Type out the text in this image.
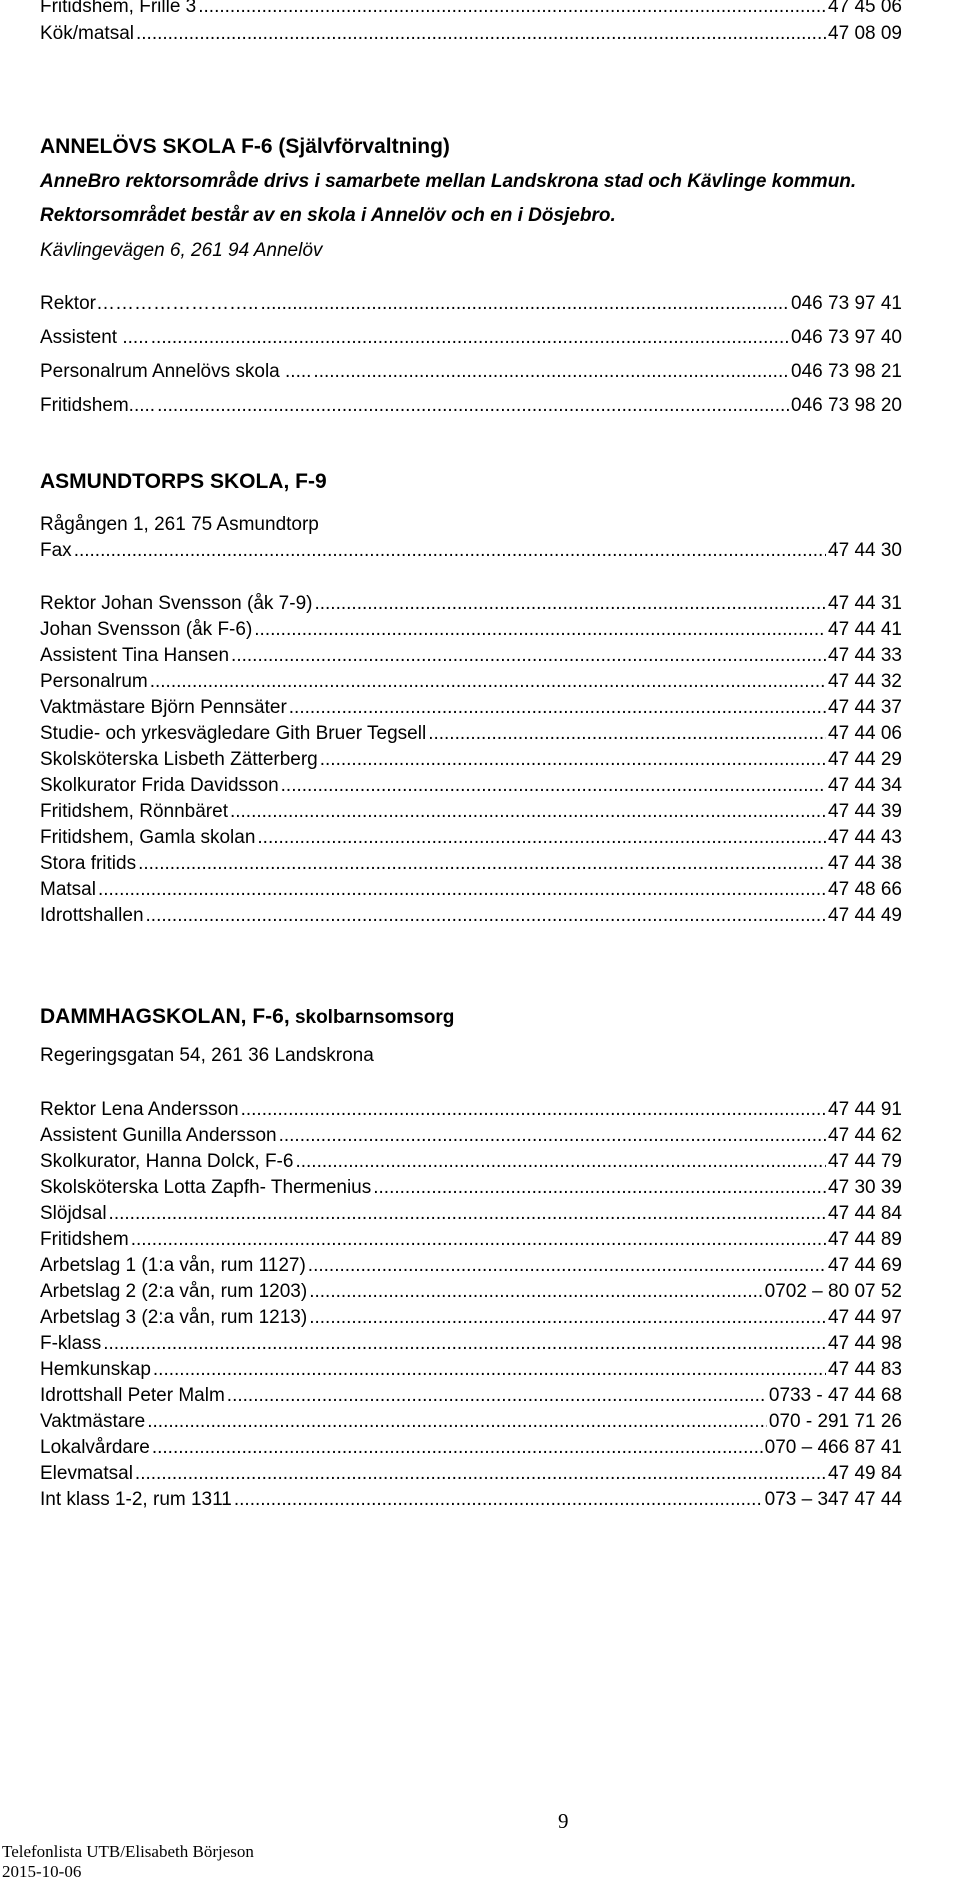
Fritidshem, Frille 3 .....	47 45 06
Kök/matsal .....	47 08 09
ANNELÖVS SKOLA F-6 (Självförvaltning)
AnneBro rektorsområde drivs i samarbete mellan Landskrona stad och Kävlinge kommun.
Rektorsområdet består av en skola i Annelöv och en i Dösjebro.
Kävlingevägen 6, 261 94 Annelöv
Rektor…………………….. .....	046 73 97 41
Assistent ..... .....	046 73 97 40
Personalrum Annelövs skola ..... .....	046 73 98 21
Fritidshem..... .....	046 73 98 20
ASMUNDTORPS SKOLA, F-9
Rågången 1, 261 75 Asmundtorp
Fax .....	47 44 30
Rektor Johan Svensson (åk 7-9) .....	47 44 31
Johan Svensson (åk F-6) .....	47 44 41
Assistent Tina Hansen .....	47 44 33
Personalrum .....	47 44 32
Vaktmästare Björn Pennsäter .....	47 44 37
Studie- och yrkesvägledare Gith Bruer Tegsell .....	47 44 06
Skolsköterska Lisbeth Zätterberg .....	47 44 29
Skolkurator Frida Davidsson .....	47 44 34
Fritidshem, Rönnbäret .....	47 44 39
Fritidshem, Gamla skolan .....	47 44 43
Stora fritids .....	47 44 38
Matsal .....	47 48 66
Idrottshallen .....	47 44 49
DAMMHAGSKOLAN, F-6, skolbarnsomsorg
Regeringsgatan 54, 261 36 Landskrona
Rektor Lena Andersson .....	47 44 91
Assistent Gunilla Andersson .....	47 44 62
Skolkurator, Hanna Dolck, F-6 .....	47 44 79
Skolsköterska Lotta Zapfh- Thermenius .....	47 30 39
Slöjdsal .....	47 44 84
Fritidshem .....	47 44 89
Arbetslag 1 (1:a vån, rum 1127) .....	47 44 69
Arbetslag 2 (2:a vån, rum 1203) .....	0702 – 80 07 52
Arbetslag 3 (2:a vån, rum 1213) .....	47 44 97
F-klass .....	47 44 98
Hemkunskap .....	47 44 83
Idrottshall Peter Malm .....	0733 - 47 44 68
Vaktmästare .....	070 - 291 71 26
Lokalvårdare .....	070 – 466 87 41
Elevmatsal .....	47 49 84
Int klass 1-2, rum 1311 .....	073 – 347 47 44
9
Telefonlista UTB/Elisabeth Börjeson
2015-10-06
